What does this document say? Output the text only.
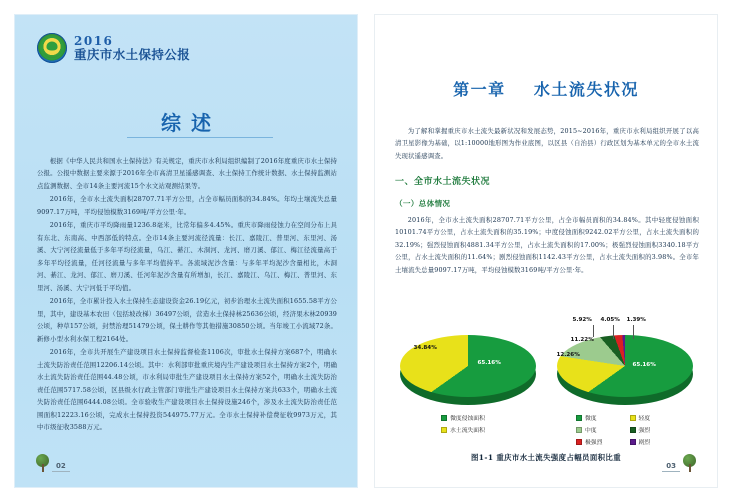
2016
重庆市水土保持公报
综述

根据《中华人民共和国水土保持法》有关规定，重庆市水利局组织编制了2016年度重庆市水土保持公报。公报中数据主要来源于2016年全市高清卫星遥感调查、水土保持工作统计数据、水土保持监测站点监测数据、全市14条主要河流15个水文站观测结果等。

2016年，全市水土流失面积28707.71平方公里，占全市幅员面积的34.84%。年均土壤流失总量9097.17万吨，平均侵蚀模数3169吨/平方公里·年。

2016年，重庆市平均降雨量1236.8毫米，比常年偏多4.45%。重庆市降雨侵蚀力在空间分布上具有东北、东南高、中西部低的特点。全市14条主要河流径流量：长江、嘉陵江、普里河、东里河、汤溪、大宁河径流量低于多年平均径流量，乌江、綦江、木洞河、龙河、磨刀溪、郁江、梅江径流量高于多年平均径流量，任河径流量与多年平均值持平。各流域泥沙含量：与多年平均泥沙含量相比，木洞河、綦江、龙河、郁江、磨刀溪、任河年泥沙含量有所增加，长江、嘉陵江、乌江、梅江、普里河、东里河、汤溪、大宁河低于平均值。

2016年，全市累计投入水土保持生态建设资金26.19亿元，初步治理水土流失面积1655.58平方公里，其中，建设基本农田（包括坡改梯）36497公顷，营造水土保持林25636公顷，经济果木林20939公顷，种草157公顷，封禁治理51479公顷，保土耕作等其他措施30850公顷。当年竣工小流域72条。新修小型水利水保工程2164处。

2016年，全市共开展生产建设项目水土保持监督检查1106次，审批水土保持方案687个，明确水土流失防治责任范围12206.14公顷。其中：水利部审批重庆境内生产建设项目水土保持方案2个，明确水土流失防治责任范围44.48公顷，市水利局审批生产建设项目水土保持方案52个，明确水土流失防治责任范围5717.58公顷，区县级水行政主管部门审批生产建设项目水土保持方案共633个，明确水土流失防治责任范围6444.08公顷。全市验收生产建设项目水土保持设施246个，涉及水土流失防治责任范围面积12223.16公顷，完成水土保持投资544975.77万元。全市水土保持补偿费征收9973万元，其中市级征收3588万元。

02
第一章 水土流失状况

为了解和掌握重庆市水土流失最新状况和发展态势，2015~2016年，重庆市水利局组织开展了以高清卫星影像为基础，以1:10000地形图为作业底图，以区县（自治县）行政区划为基本单元的全市水土流失现状遥感调查。

一、全市水土流失状况
（一）总体情况

2016年，全市水土流失面积28707.71平方公里，占全市幅员面积的34.84%。其中轻度侵蚀面积10101.74平方公里，占水土流失面积的35.19%；中度侵蚀面积9242.02平方公里，占水土流失面积的32.19%；强烈侵蚀面积4881.34平方公里，占水土流失面积的17.00%；极强烈侵蚀面积3340.18平方公里，占水土流失面积的11.64%；剧烈侵蚀面积1142.43平方公里，占水土流失面积的3.98%。全市年土壤流失总量9097.17万吨，平均侵蚀模数3169吨/平方公里·年。

65.16%
34.84%
微度侵蚀面积
水土流失面积
65.16%
12.26%
11.22%
5.92% 4.05% 1.39%
微度	轻度
中度	强烈
极强烈	剧烈
图1-1 重庆市水土流失强度占幅员面积比重
03
